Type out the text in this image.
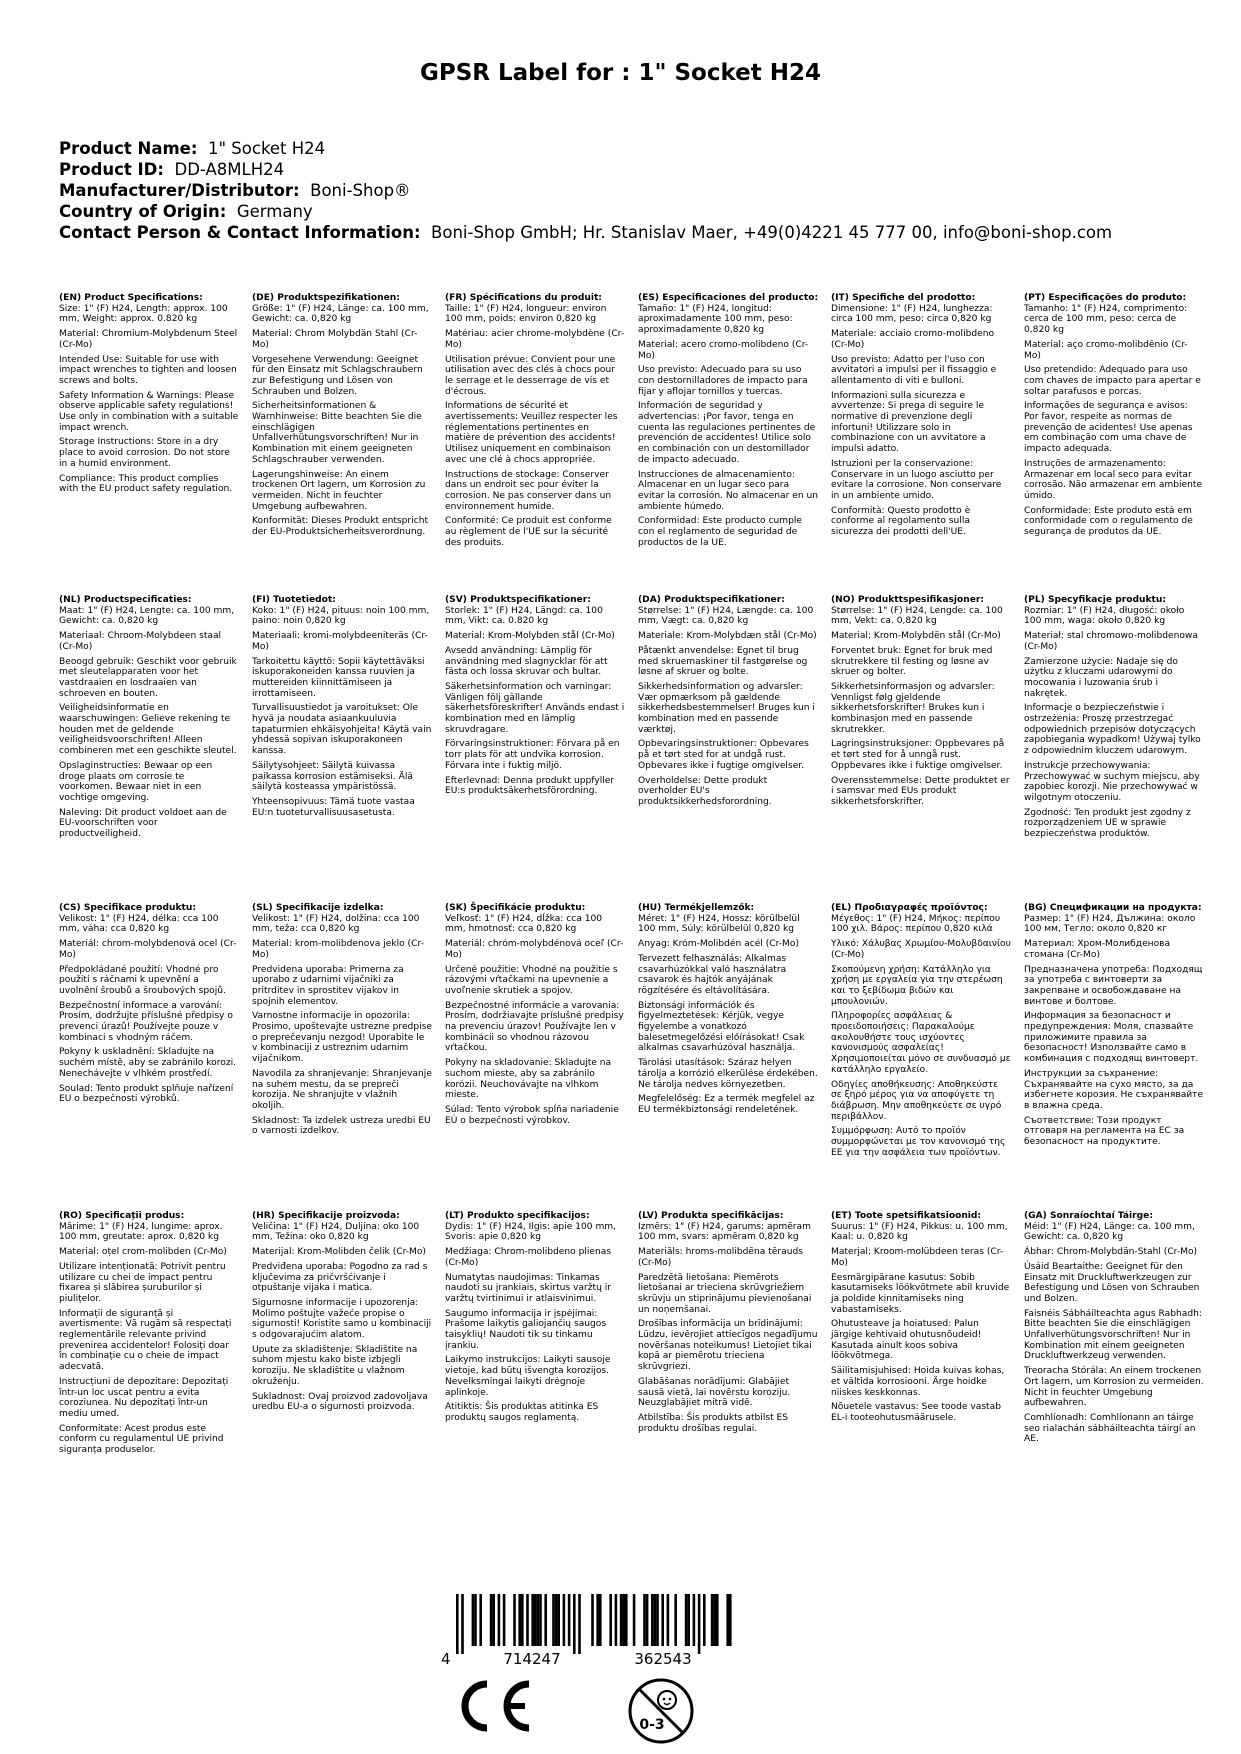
GPSR Label for : 1" Socket H24
Product Name: 1" Socket H24
Product ID: DD-A8MLH24
Manufacturer/Distributor: Boni-Shop®
Country of Origin: Germany
Contact Person & Contact Information: Boni-Shop GmbH; Hr. Stanislav Maer, +49(0)4221 45 777 00, info@boni-shop.com
(EN) Product Specifications:

Size: 1" (F) H24, Length: approx. 100 mm, Weight: approx. 0.820 kg

Material: Chromium-Molybdenum Steel (Cr-Mo)

Intended Use: Suitable for use with impact wrenches to tighten and loosen screws and bolts.

Safety Information & Warnings: Please observe applicable safety regulations! Use only in combination with a suitable impact wrench.

Storage Instructions: Store in a dry place to avoid corrosion. Do not store in a humid environment.

Compliance: This product complies with the EU product safety regulation.

(DE) Produktspezifikationen:

Größe: 1" (F) H24, Länge: ca. 100 mm, Gewicht: ca. 0,820 kg

Material: Chrom Molybdän Stahl (Cr-Mo)

Vorgesehene Verwendung: Geeignet für den Einsatz mit Schlagschraubern zur Befestigung und Lösen von Schrauben und Bolzen.

Sicherheitsinformationen & Warnhinweise: Bitte beachten Sie die einschlägigen Unfallverhütungsvorschriften! Nur in Kombination mit einem geeigneten Schlagschrauber verwenden.

Lagerungshinweise: An einem trockenen Ort lagern, um Korrosion zu vermeiden. Nicht in feuchter Umgebung aufbewahren.

Konformität: Dieses Produkt entspricht der EU-Produktsicherheitsverordnung.

(FR) Spécifications du produit:

Taille: 1" (F) H24, longueur: environ 100 mm, poids: environ 0,820 kg

Matériau: acier chrome-molybdène (Cr-Mo)

Utilisation prévue: Convient pour une utilisation avec des clés à chocs pour le serrage et le desserrage de vis et d'écrous.

Informations de sécurité et avertissements: Veuillez respecter les réglementations pertinentes en matière de prévention des accidents! Utilisez uniquement en combinaison avec une clé à chocs appropriée.

Instructions de stockage: Conserver dans un endroit sec pour éviter la corrosion. Ne pas conserver dans un environnement humide.

Conformité: Ce produit est conforme au règlement de l'UE sur la sécurité des produits.

(ES) Especificaciones del producto:

Tamaño: 1" (F) H24, longitud: aproximadamente 100 mm, peso: aproximadamente 0,820 kg

Material: acero cromo-molibdeno (Cr-Mo)

Uso previsto: Adecuado para su uso con destornilladores de impacto para fijar y aflojar tornillos y tuercas.

Información de seguridad y advertencias: ¡Por favor, tenga en cuenta las regulaciones pertinentes de prevención de accidentes! Utilice solo en combinación con un destornillador de impacto adecuado.

Instrucciones de almacenamiento: Almacenar en un lugar seco para evitar la corrosión. No almacenar en un ambiente húmedo.

Conformidad: Este producto cumple con el reglamento de seguridad de productos de la UE.

(IT) Specifiche del prodotto:

Dimensione: 1" (F) H24, lunghezza: circa 100 mm, peso: circa 0,820 kg

Materiale: acciaio cromo-molibdeno (Cr-Mo)

Uso previsto: Adatto per l'uso con avvitatori a impulsi per il fissaggio e allentamento di viti e bulloni.

Informazioni sulla sicurezza e avvertenze: Si prega di seguire le normative di prevenzione degli infortuni! Utilizzare solo in combinazione con un avvitatore a impulsi adatto.

Istruzioni per la conservazione: Conservare in un luogo asciutto per evitare la corrosione. Non conservare in un ambiente umido.

Conformità: Questo prodotto è conforme al regolamento sulla sicurezza dei prodotti dell'UE.

(PT) Especificações do produto:

Tamanho: 1" (F) H24, comprimento: cerca de 100 mm, peso: cerca de 0,820 kg

Material: aço cromo-molibdênio (Cr-Mo)

Uso pretendido: Adequado para uso com chaves de impacto para apertar e soltar parafusos e porcas.

Informações de segurança e avisos: Por favor, respeite as normas de prevenção de acidentes! Use apenas em combinação com uma chave de impacto adequada.

Instruções de armazenamento: Armazenar em local seco para evitar corrosão. Não armazenar em ambiente úmido.

Conformidade: Este produto está em conformidade com o regulamento de segurança de produtos da UE.

(NL) Productspecificaties:

Maat: 1" (F) H24, Lengte: ca. 100 mm, Gewicht: ca. 0,820 kg

Materiaal: Chroom-Molybdeen staal (Cr-Mo)

Beoogd gebruik: Geschikt voor gebruik met sleutelapparaten voor het vastdraaien en losdraaien van schroeven en bouten.

Veiligheidsinformatie en waarschuwingen: Gelieve rekening te houden met de geldende veiligheidsvoorschriften! Alleen combineren met een geschikte sleutel.

Opslaginstructies: Bewaar op een droge plaats om corrosie te voorkomen. Bewaar niet in een vochtige omgeving.

Naleving: Dit product voldoet aan de EU-voorschriften voor productveiligheid.

(FI) Tuotetiedot:

Koko: 1" (F) H24, pituus: noin 100 mm, paino: noin 0,820 kg

Materiaali: kromi-molybdeeniteräs (Cr-Mo)

Tarkoitettu käyttö: Sopii käytettäväksi iskuporakoneiden kanssa ruuvien ja muttereiden kiinnittämiseen ja irrottamiseen.

Turvallisuustiedot ja varoitukset: Ole hyvä ja noudata asiaankuuluvia tapaturmien ehkäisyohjeita! Käytä vain yhdessä sopivan iskuporakoneen kanssa.

Säilytysohjeet: Säilytä kuivassa paikassa korrosion estämiseksi. Älä säilytä kosteassa ympäristössä.

Yhteensopivuus: Tämä tuote vastaa EU:n tuoteturvallisuusasetusta.

(SV) Produktspecifikationer:

Storlek: 1" (F) H24, Längd: ca. 100 mm, Vikt: ca. 0.820 kg

Material: Krom-Molybden stål (Cr-Mo)

Avsedd användning: Lämplig för användning med slagnycklar för att fästa och lossa skruvar och bultar.

Säkerhetsinformation och varningar: Vänligen följ gällande säkerhetsföreskrifter! Används endast i kombination med en lämplig skruvdragare.

Förvaringsinstruktioner: Förvara på en torr plats för att undvika korrosion. Förvara inte i fuktig miljö.

Efterlevnad: Denna produkt uppfyller EU:s produktsäkerhetsförordning.

(DA) Produktspecifikationer:

Størrelse: 1" (F) H24, Længde: ca. 100 mm, Vægt: ca. 0,820 kg

Materiale: Krom-Molybdæn stål (Cr-Mo)

Påtænkt anvendelse: Egnet til brug med skruemaskiner til fastgørelse og løsne af skruer og bolte.

Sikkerhedsinformation og advarsler: Vær opmærksom på gældende sikkerhedsbestemmelser! Bruges kun i kombination med en passende værktøj.

Opbevaringsinstruktioner: Opbevares på et tørt sted for at undgå rust. Opbevares ikke i fugtige omgivelser.

Overholdelse: Dette produkt overholder EU's produktsikkerhedsforordning.

(NO) Produkttspesifikasjoner:

Størrelse: 1" (F) H24, Lengde: ca. 100 mm, Vekt: ca. 0,820 kg

Material: Krom-Molybdën stål (Cr-Mo)

Forventet bruk: Egnet for bruk med skrutrekkere til festing og løsne av skruer og bolter.

Sikkerhetsinformasjon og advarsler: Vennligst følg gjeldende sikkerhetsforskrifter! Brukes kun i kombinasjon med en passende skrutrekker.

Lagringsinstruksjoner: Oppbevares på et tørt sted for å unngå rust. Oppbevares ikke i fuktige omgivelser.

Overensstemmelse: Dette produktet er i samsvar med EUs produkt sikkerhetsforskrifter.

(PL) Specyfikacje produktu:

Rozmiar: 1" (F) H24, długość: około 100 mm, waga: około 0,820 kg

Materiał: stal chromowo-molibdenowa (Cr-Mo)

Zamierzone użycie: Nadaje się do użytku z kluczami udarowymi do mocowania i luzowania śrub i nakrętek.

Informacje o bezpieczeństwie i ostrzeżenia: Proszę przestrzegać odpowiednich przepisów dotyczących zapobiegania wypadkom! Używaj tylko z odpowiednim kluczem udarowym.

Instrukcje przechowywania: Przechowywać w suchym miejscu, aby zapobiec korozji. Nie przechowywać w wilgotnym otoczeniu.

Zgodność: Ten produkt jest zgodny z rozporządzeniem UE w sprawie bezpieczeństwa produktów.

(CS) Specifikace produktu:

Velikost: 1" (F) H24, délka: cca 100 mm, váha: cca 0,820 kg

Materiál: chrom-molybdenová ocel (Cr-Mo)

Předpokládané použití: Vhodné pro použití s ráčnami k upevnění a uvolnění šroubů a šroubových spojů.

Bezpečnostní informace a varování: Prosím, dodržujte příslušné předpisy o prevenci úrazů! Používejte pouze v kombinaci s vhodným ráčem.

Pokyny k uskladnění: Skladujte na suchém místě, aby se zabránilo korozi. Nenechávejte v vlhkém prostředí.

Soulad: Tento produkt splňuje nařízení EU o bezpečnosti výrobků.

(SL) Specifikacije izdelka:

Velikost: 1" (F) H24, dolžina: cca 100 mm, teža: cca 0,820 kg

Material: krom-molibdenova jeklo (Cr-Mo)

Predvidena uporaba: Primerna za uporabo z udarnimi vijačniki za pritrditev in sprostitev vijakov in spojnih elementov.

Varnostne informacije in opozorila: Prosimo, upoštevajte ustrezne predpise o preprečevanju nezgod! Uporabite le v kombinaciji z ustreznim udarnim vijačnikom.

Navodila za shranjevanje: Shranjevanje na suhem mestu, da se prepreči korozija. Ne shranjujte v vlažnih okoljih.

Skladnost: Ta izdelek ustreza uredbi EU o varnosti izdelkov.

(SK) Špecifikácie produktu:

Veľkosť: 1" (F) H24, dĺžka: cca 100 mm, hmotnosť: cca 0,820 kg

Materiál: chróm-molybdénová oceľ (Cr-Mo)

Určené použitie: Vhodné na použitie s rázovými vŕtačkami na upevnenie a uvoľnenie skrutiek a spojov.

Bezpečnostné informácie a varovania: Prosím, dodržiavajte príslušné predpisy na prevenciu úrazov! Používajte len v kombinácii so vhodnou rázovou vŕtačkou.

Pokyny na skladovanie: Skladujte na suchom mieste, aby sa zabránilo korózii. Neuchovávajte na vlhkom mieste.

Súlad: Tento výrobok spĺňa nariadenie EÚ o bezpečnosti výrobkov.

(HU) Termékjellemzők:

Méret: 1" (F) H24, Hossz: körülbelül 100 mm, Súly: körülbelül 0,820 kg

Anyag: Króm-Molibdén acél (Cr-Mo)

Tervezett felhasználás: Alkalmas csavarhúzókkal való használatra csavarok és hajtók anyájának rögzítésére és eltávolítására.

Biztonsági információk és figyelmeztetések: Kérjük, vegye figyelembe a vonatkozó balesetmegelőzési előírásokat! Csak alkalmas csavarhúzóval használja.

Tárolási utasítások: Száraz helyen tárolja a korrózió elkerülése érdekében. Ne tárolja nedves környezetben.

Megfelelőség: Ez a termék megfelel az EU termékbiztonsági rendeletének.

(EL) Προδιαγραφές προϊόντος:

Μέγεθος: 1" (F) H24, Μήκος: περίπου 100 χιλ. Βάρος: περίπου 0,820 κιλά

Υλικό: Χάλυβας Χρωμίου-Μολυβδαινίου (Cr-Mo)

Σκοπούμενη χρήση: Κατάλληλο για χρήση με εργαλεία για την στερέωση και το ξεβίδωμα βιδών και μπουλονιών.

Πληροφορίες ασφάλειας & προειδοποιήσεις: Παρακαλούμε ακολουθήστε τους ισχύοντες κανονισμούς ασφαλείας! Χρησιμοποιείται μόνο σε συνδυασμό με κατάλληλο εργαλείο.

Οδηγίες αποθήκευσης: Αποθηκεύστε σε ξηρό μέρος για να αποφύγετε τη διάβρωση. Μην αποθηκεύετε σε υγρό περιβάλλον.

Συμμόρφωση: Αυτό το προϊόν συμμορφώνεται με τον κανονισμό της ΕΕ για την ασφάλεια των προϊόντων.

(BG) Спецификации на продукта:

Размер: 1" (F) H24, Дължина: около 100 мм, Тегло: около 0,820 кг

Материал: Хром-Молибденова стомана (Cr-Mo)

Предназначена употреба: Подходящ за употреба с винтоверти за закрепване и освобождаване на винтове и болтове.

Информация за безопасност и предупреждения: Моля, спазвайте приложимите правила за безопасност! Използвайте само в комбинация с подходящ винтоверт.

Инструкции за съхранение: Съхранявайте на сухо място, за да избегнете корозия. Не съхранявайте в влажна среда.

Съответствие: Този продукт отговаря на регламента на ЕС за безопасност на продуктите.

(RO) Specificații produs:

Mărime: 1" (F) H24, lungime: aprox. 100 mm, greutate: aprox. 0,820 kg

Material: oțel crom-molibden (Cr-Mo)

Utilizare intenționată: Potrivit pentru utilizare cu chei de impact pentru fixarea și slăbirea șuruburilor și piulițelor.

Informații de siguranță și avertismente: Vă rugăm să respectați reglementările relevante privind prevenirea accidentelor! Folosiți doar în combinație cu o cheie de impact adecvată.

Instrucțiuni de depozitare: Depozitați într-un loc uscat pentru a evita coroziunea. Nu depozitați într-un mediu umed.

Conformitate: Acest produs este conform cu regulamentul UE privind siguranța produselor.

(HR) Specifikacije proizvoda:

Veličina: 1" (F) H24, Duljina: oko 100 mm, Težina: oko 0,820 kg

Materijal: Krom-Molibden čelik (Cr-Mo)

Predviđena uporaba: Pogodno za rad s ključevima za pričvršćivanje i otpuštanje vijaka i matica.

Sigurnosne informacije i upozorenja: Molimo poštujte važeće propise o sigurnosti! Koristite samo u kombinaciji s odgovarajućim alatom.

Upute za skladištenje: Skladištite na suhom mjestu kako biste izbjegli koroziju. Ne skladištite u vlažnom okruženju.

Sukladnost: Ovaj proizvod zadovoljava uredbu EU-a o sigurnosti proizvoda.

(LT) Produkto specifikacijos:

Dydis: 1" (F) H24, Ilgis: apie 100 mm, Svoris: apie 0,820 kg

Medžiaga: Chrom-molibdeno plienas (Cr-Mo)

Numatytas naudojimas: Tinkamas naudoti su įrankiais, skirtus varžtų ir varžtų tvirtinimui ir atlaisvinimui.

Saugumo informacija ir įspėjimai: Prašome laikytis galiojančių saugos taisyklių! Naudoti tik su tinkamu įrankiu.

Laikymo instrukcijos: Laikyti sausoje vietoje, kad būtų išvengta korozijos. Nevelksmingai laikyti drėgnoje aplinkoje.

Atitiktis: Šis produktas atitinka ES produktų saugos reglamentą.

(LV) Produkta specifikācijas:

Izmērs: 1" (F) H24, garums: apmēram 100 mm, svars: apmēram 0,820 kg

Materiāls: hroms-molibdēna tērauds (Cr-Mo)

Paredzētā lietošana: Piemērots lietošanai ar trieciena skrūvgriežiem skrūvju un stiprinājumu pievienošanai un noņemšanai.

Drošības informācija un brīdinājumi: Lūdzu, ievērojiet attiecīgos negadījumu novēršanas noteikumus! Lietojiet tikai kopā ar piemērotu trieciena skrūvgriezi.

Glabāšanas norādījumi: Glabājiet sausā vietā, lai novērstu koroziju. Neuzglabājiet mitrā vidē.

Atbilstība: Šis produkts atbilst ES produktu drošības regulai.

(ET) Toote spetsifikatsioonid:

Suurus: 1" (F) H24, Pikkus: u. 100 mm, Kaal: u. 0,820 kg

Materjal: Kroom-molübdeen teras (Cr-Mo)

Eesmärgipärane kasutus: Sobib kasutamiseks löökvõtmete abil kruvide ja poldide kinnitamiseks ning vabastamiseks.

Ohutusteave ja hoiatused: Palun järgige kehtivaid ohutusnõudeid! Kasutada ainult koos sobiva löökvõtmega.

Säilitamisjuhised: Hoida kuivas kohas, et vältida korrosiooni. Ärge hoidke niiskes keskkonnas.

Nõuetele vastavus: See toode vastab EL-i tooteohutusmäärusele.

(GA) Sonraíochtaí Táirge:

Méid: 1" (F) H24, Länge: ca. 100 mm, Gewicht: ca. 0,820 kg

Ábhar: Chrom-Molybdän-Stahl (Cr-Mo)

Úsáid Beartaithe: Geeignet für den Einsatz mit Druckluftwerkzeugen zur Befestigung und Lösen von Schrauben und Bolzen.

Faisnéis Sábháilteachta agus Rabhadh: Bitte beachten Sie die einschlägigen Unfallverhütungsvorschriften! Nur in Kombination mit einem geeigneten Druckluftwerkzeug verwenden.

Treoracha Stórála: An einem trockenen Ort lagern, um Korrosion zu vermeiden. Nicht in feuchter Umgebung aufbewahren.

Comhlíonadh: Comhlíonann an táirge seo rialachán sábháilteachta táirgí an AE.

4	714247	362543
0-3
